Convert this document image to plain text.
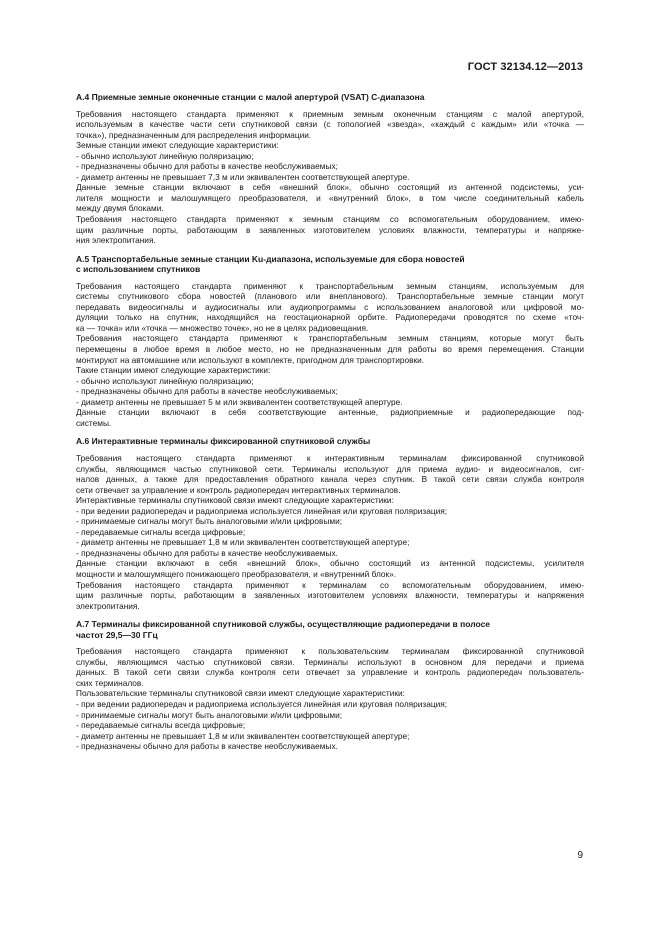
ГОСТ 32134.12—2013
А.4 Приемные земные оконечные станции с малой апертурой (VSAT) С-диапазона
Требования настоящего стандарта применяют к приемным земным оконечным станциям с малой апертурой,
используемым в качестве части сети спутниковой связи (с топологией «звезда», «каждый с каждым» или «точка —
точка»), предназначенным для распределения информации.
Земные станции имеют следующие характеристики:
- обычно используют линейную поляризацию;
- предназначены обычно для работы в качестве необслуживаемых;
- диаметр антенны не превышает 7,3 м или эквивалентен соответствующей апертуре.
Данные земные станции включают в себя «внешний блок», обычно состоящий из антенной подсистемы, уси-
лителя мощности и малошумящего преобразователя, и «внутренний блок», в том числе соединительный кабель
между двумя блоками.
Требования настоящего стандарта применяют к земным станциям со вспомогательным оборудованием, имею-
щим различные порты, работающим в заявленных изготовителем условиях влажности, температуры и напряже-
ния электропитания.
А.5 Транспортабельные земные станции Ku-диапазона, используемые для сбора новостей
с использованием спутников
Требования настоящего стандарта применяют к транспортабельным земным станциям, используемым для
системы спутникового сбора новостей (планового или внепланового). Транспортабельные земные станции могут
передавать видеосигналы и аудиосигналы или аудиопрограммы с использованием аналоговой или цифровой мо-
дуляции только на спутник, находящийся на геостационарной орбите. Радиопередачи проводятся по схеме «точ-
ка — точка» или «точка — множество точек», но не в целях радиовещания.
Требования настоящего стандарта применяют к транспортабельным земным станциям, которые могут быть
перемещены в любое время в любое место, но не предназначенным для работы во время перемещения. Станции
монтируют на автомашине или используют в комплекте, пригодном для транспортировки.
Такие станции имеют следующие характеристики:
- обычно используют линейную поляризацию;
- предназначены обычно для работы в качестве необслуживаемых;
- диаметр антенны не превышает 5 м или эквивалентен соответствующей апертуре.
Данные станции включают в себя соответствующие антенные, радиоприемные и радиопередающие под-
системы.
А.6 Интерактивные терминалы фиксированной спутниковой службы
Требования настоящего стандарта применяют к интерактивным терминалам фиксированной спутниковой
службы, являющимся частью спутниковой сети. Терминалы используют для приема аудио- и видеосигналов, сиг-
налов данных, а также для предоставления обратного канала через спутник. В такой сети связи служба контроля
сети отвечает за управление и контроль радиопередач интерактивных терминалов.
Интерактивные терминалы спутниковой связи имеют следующие характеристики:
- при ведении радиопередач и радиоприема используется линейная или круговая поляризация;
- принимаемые сигналы могут быть аналоговыми и/или цифровыми;
- передаваемые сигналы всегда цифровые;
- диаметр антенны не превышает 1,8 м или эквивалентен соответствующей апертуре;
- предназначены обычно для работы в качестве необслуживаемых.
Данные станции включают в себя «внешний блок», обычно состоящий из антенной подсистемы, усилителя
мощности и малошумящего понижающего преобразователя, и «внутренний блок».
Требования настоящего стандарта применяют к терминалам со вспомогательным оборудованием, имею-
щим различные порты, работающим в заявленных изготовителем условиях влажности, температуры и напряжения
электропитания.
А.7 Терминалы фиксированной спутниковой службы, осуществляющие радиопередачи в полосе
частот 29,5—30 ГГц
Требования настоящего стандарта применяют к пользовательским терминалам фиксированной спутниковой
службы, являющимся частью спутниковой связи. Терминалы используют в основном для передачи и приема
данных. В такой сети связи служба контроля сети отвечает за управление и контроль радиопередач пользователь-
ских терминалов.
Пользовательские терминалы спутниковой связи имеют следующие характеристики:
- при ведении радиопередач и радиоприема используется линейная или круговая поляризация;
- принимаемые сигналы могут быть аналоговыми и/или цифровыми;
- передаваемые сигналы всегда цифровые;
- диаметр антенны не превышает 1,8 м или эквивалентен соответствующей апертуре;
- предназначены обычно для работы в качестве необслуживаемых.
9
